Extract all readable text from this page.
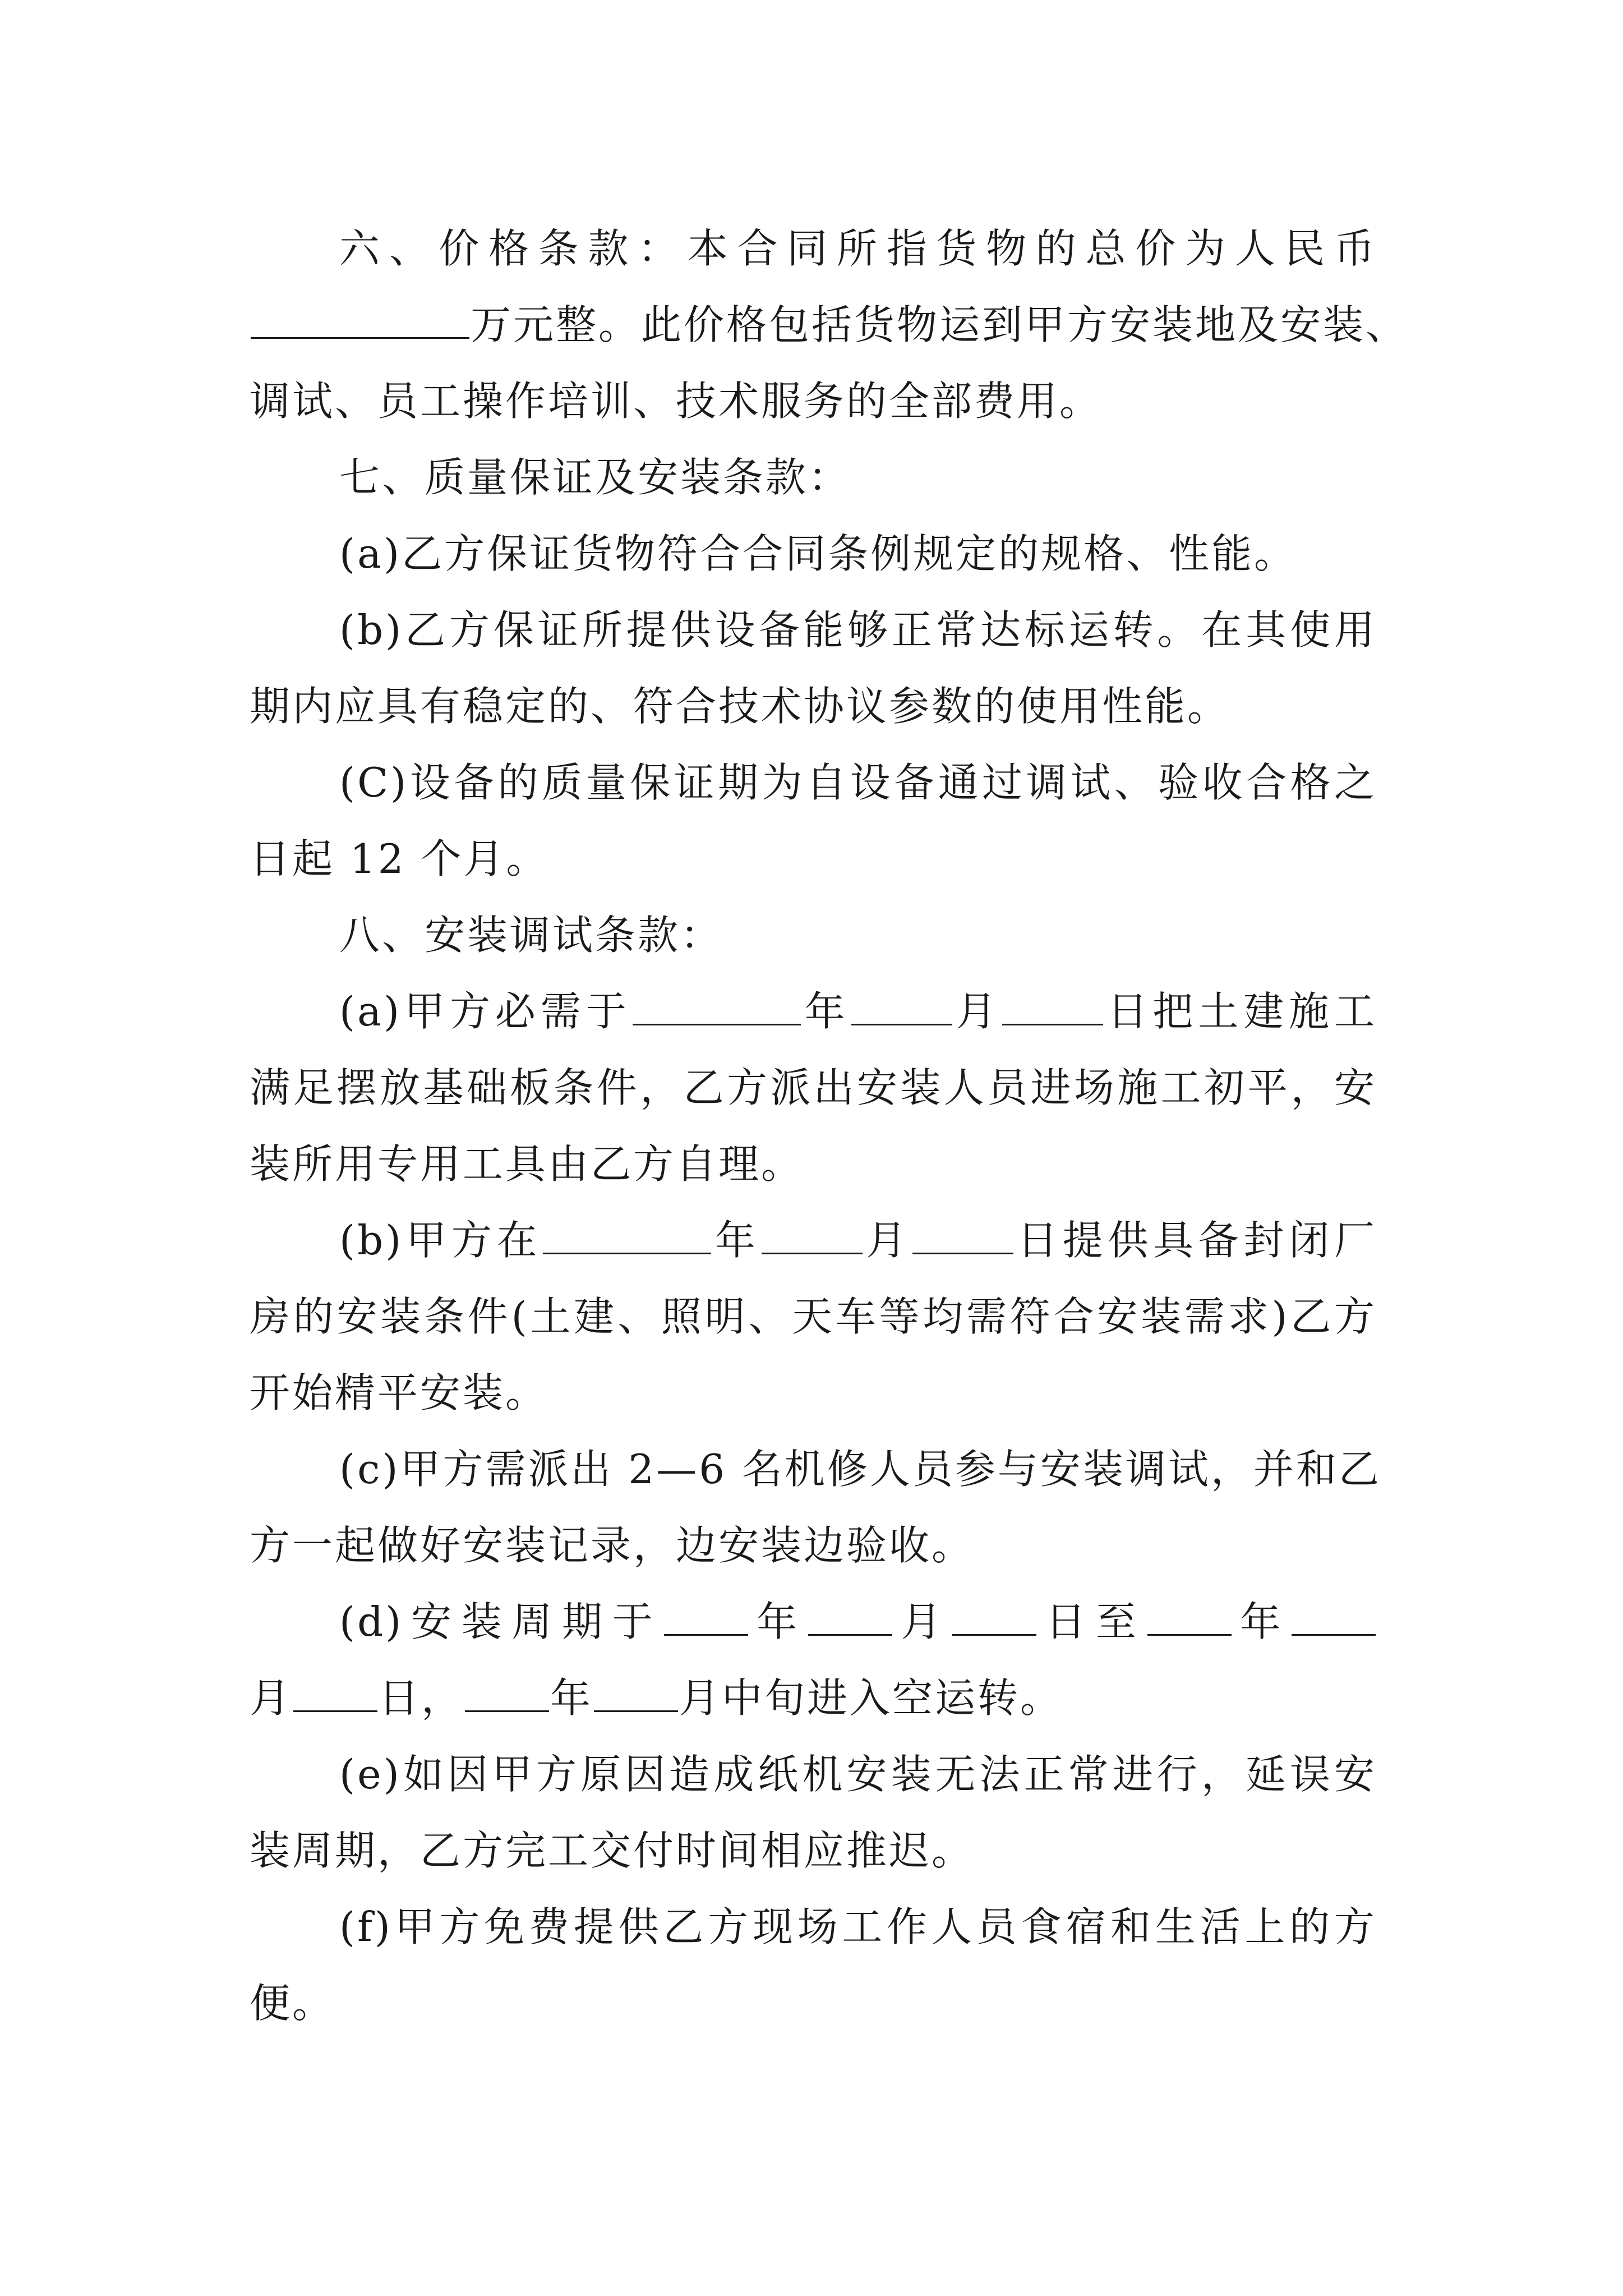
六、价格条款：本合同所指货物的总价为人民币
万元整。此价格包括货物运到甲方安装地及安装、
调试、员工操作培训、技术服务的全部费用。
七、质量保证及安装条款：
(a)乙方保证货物符合合同条例规定的规格、性能。
(b)乙方保证所提供设备能够正常达标运转。在其使用
期内应具有稳定的、符合技术协议参数的使用性能。
(C)设备的质量保证期为自设备通过调试、验收合格之
日起 12 个月。
八、安装调试条款：
(a)甲方必需于	年	月	日把土建施工
满足摆放基础板条件，乙方派出安装人员进场施工初平，安
装所用专用工具由乙方自理。
(b)甲方在	年	月	日提供具备封闭厂
房的安装条件(土建、照明、天车等均需符合安装需求)乙方
开始精平安装。
(c)甲方需派出 2—6 名机修人员参与安装调试，并和乙
方一起做好安装记录，边安装边验收。
(d)安装周期于 年 月 日至 年
月 日， 年 月中旬进入空运转。
(e)如因甲方原因造成纸机安装无法正常进行，延误安
装周期，乙方完工交付时间相应推迟。
(f)甲方免费提供乙方现场工作人员食宿和生活上的方
便。
